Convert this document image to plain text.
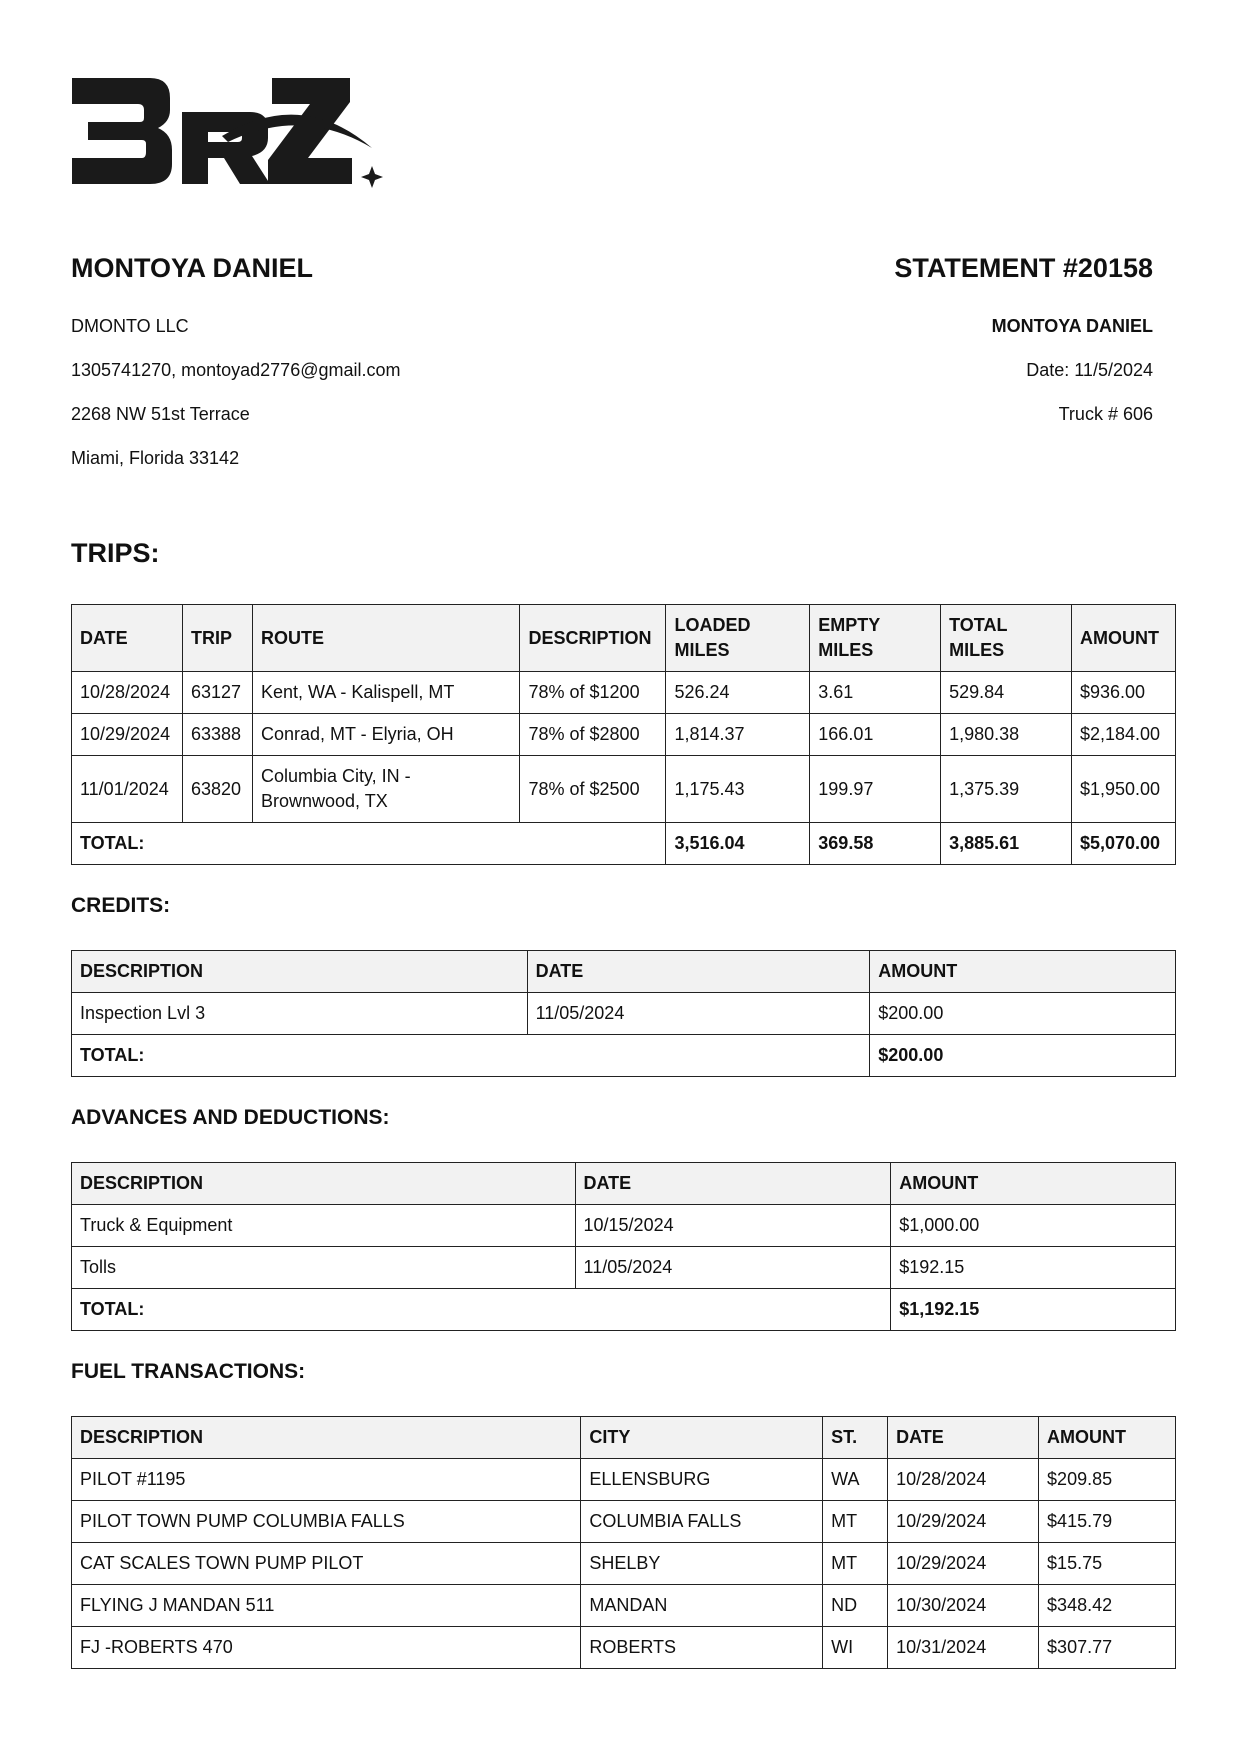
MONTOYA DANIEL
DMONTO LLC
1305741270, montoyad2776@gmail.com
2268 NW 51st Terrace
Miami, Florida 33142
STATEMENT #20158
MONTOYA DANIEL
Date: 11/5/2024
Truck # 606
TRIPS:
DATE	TRIP	ROUTE	DESCRIPTION	LOADED MILES	EMPTY MILES	TOTAL MILES	AMOUNT
10/28/2024	63127	Kent, WA - Kalispell, MT	78% of $1200	526.24	3.61	529.84	$936.00
10/29/2024	63388	Conrad, MT - Elyria, OH	78% of $2800	1,814.37	166.01	1,980.38	$2,184.00
11/01/2024	63820	Columbia City, IN - Brownwood, TX	78% of $2500	1,175.43	199.97	1,375.39	$1,950.00
TOTAL:				3,516.04	369.58	3,885.61	$5,070.00
CREDITS:
DESCRIPTION	DATE	AMOUNT
Inspection Lvl 3	11/05/2024	$200.00
TOTAL:		$200.00
ADVANCES AND DEDUCTIONS:
DESCRIPTION	DATE	AMOUNT
Truck & Equipment	10/15/2024	$1,000.00
Tolls	11/05/2024	$192.15
TOTAL:		$1,192.15
FUEL TRANSACTIONS:
DESCRIPTION	CITY	ST.	DATE	AMOUNT
PILOT #1195	ELLENSBURG	WA	10/28/2024	$209.85
PILOT TOWN PUMP COLUMBIA FALLS	COLUMBIA FALLS	MT	10/29/2024	$415.79
CAT SCALES TOWN PUMP PILOT	SHELBY	MT	10/29/2024	$15.75
FLYING J MANDAN 511	MANDAN	ND	10/30/2024	$348.42
FJ -ROBERTS 470	ROBERTS	WI	10/31/2024	$307.77
